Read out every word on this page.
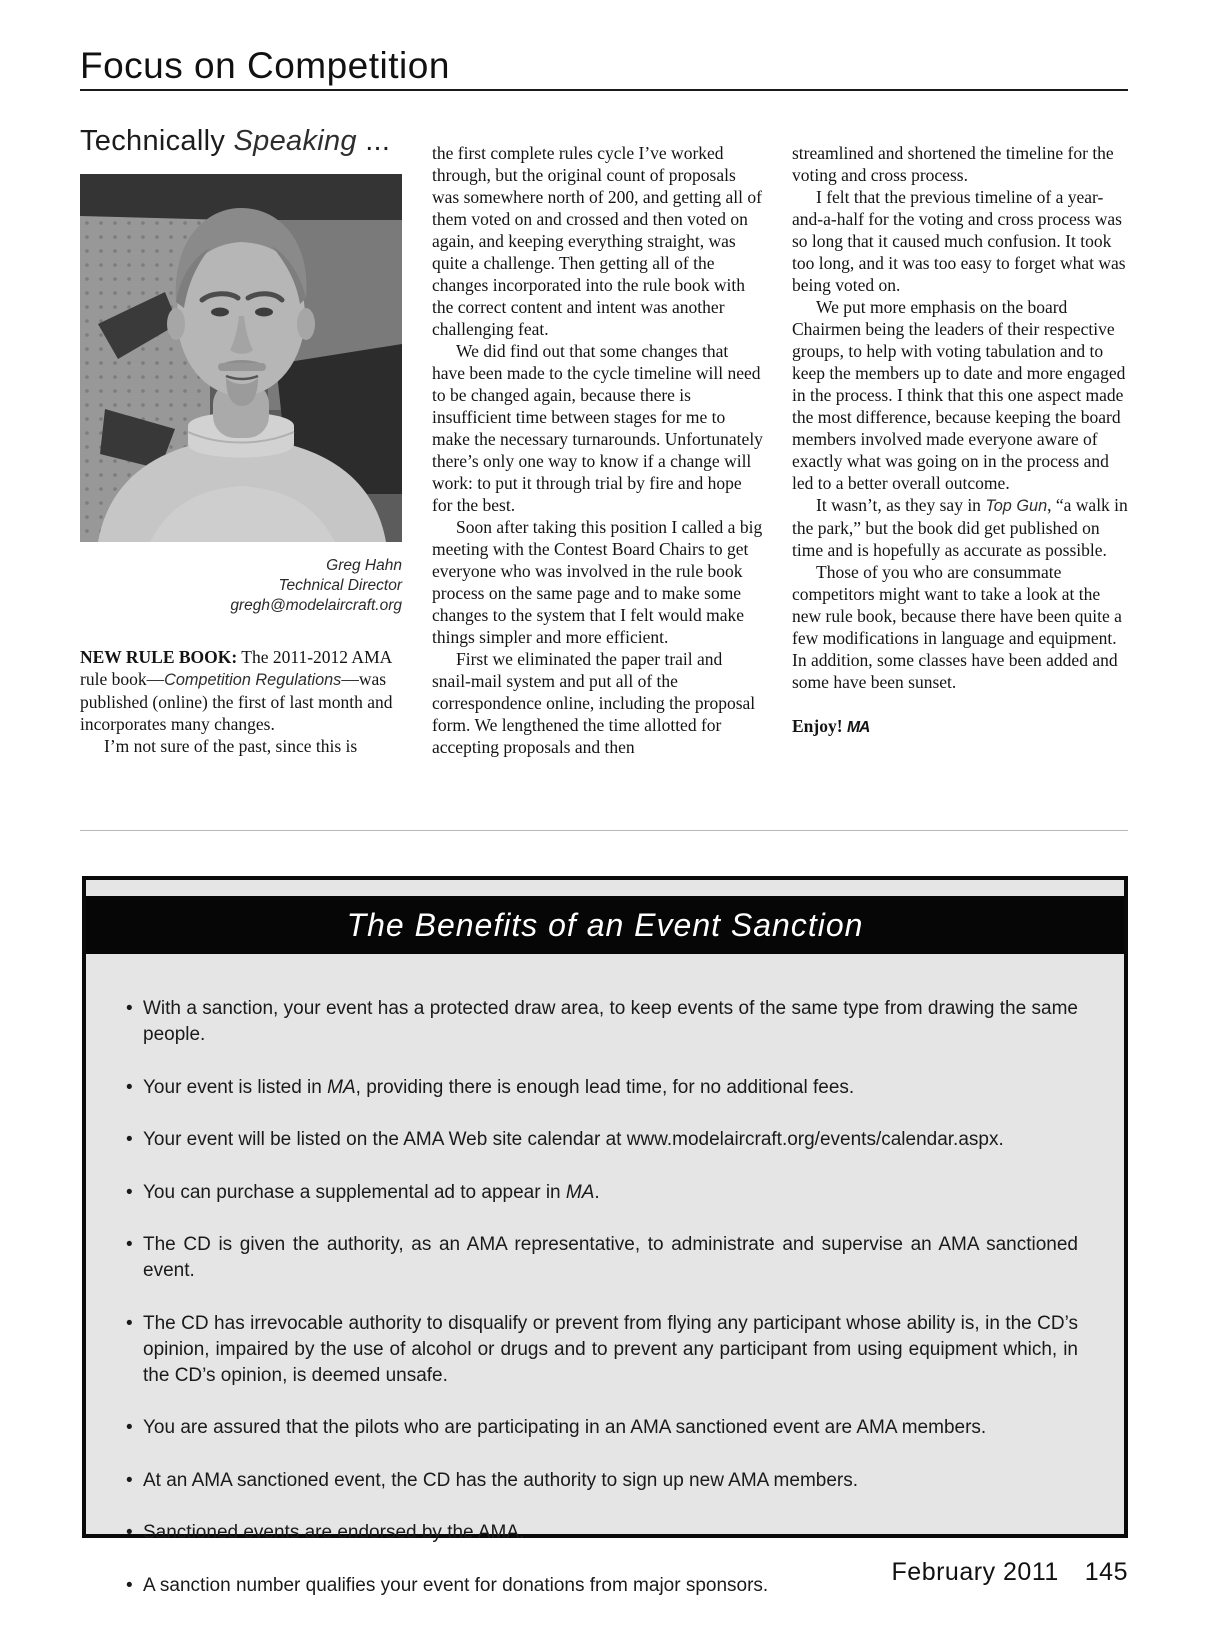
Focus on Competition
Technically Speaking ...
Greg Hahn
Technical Director
gregh@modelaircraft.org

NEW RULE BOOK: The 2011-2012 AMA rule book—Competition Regulations—was published (online) the first of last month and incorporates many changes.

I’m not sure of the past, since this is

the first complete rules cycle I’ve worked through, but the original count of proposals was somewhere north of 200, and getting all of them voted on and crossed and then voted on again, and keeping everything straight, was quite a challenge. Then getting all of the changes incorporated into the rule book with the correct content and intent was another challenging feat.

We did find out that some changes that have been made to the cycle timeline will need to be changed again, because there is insufficient time between stages for me to make the necessary turnarounds. Unfortunately there’s only one way to know if a change will work: to put it through trial by fire and hope for the best.

Soon after taking this position I called a big meeting with the Contest Board Chairs to get everyone who was involved in the rule book process on the same page and to make some changes to the system that I felt would make things simpler and more efficient.

First we eliminated the paper trail and snail-mail system and put all of the correspondence online, including the proposal form. We lengthened the time allotted for accepting proposals and then

streamlined and shortened the timeline for the voting and cross process.

I felt that the previous timeline of a year-and-a-half for the voting and cross process was so long that it caused much confusion. It took too long, and it was too easy to forget what was being voted on.

We put more emphasis on the board Chairmen being the leaders of their respective groups, to help with voting tabulation and to keep the members up to date and more engaged in the process. I think that this one aspect made the most difference, because keeping the board members involved made everyone aware of exactly what was going on in the process and led to a better overall outcome.

It wasn’t, as they say in Top Gun, “a walk in the park,” but the book did get published on time and is hopefully as accurate as possible.

Those of you who are consummate competitors might want to take a look at the new rule book, because there have been quite a few modifications in language and equipment. In addition, some classes have been added and some have been sunset.

Enjoy! MA

The Benefits of an Event Sanction
• With a sanction, your event has a protected draw area, to keep events of the same type from drawing the same people.
• Your event is listed in MA, providing there is enough lead time, for no additional fees.
• Your event will be listed on the AMA Web site calendar at www.modelaircraft.org/events/calendar.aspx.
• You can purchase a supplemental ad to appear in MA.
• The CD is given the authority, as an AMA representative, to administrate and supervise an AMA sanctioned event.
• The CD has irrevocable authority to disqualify or prevent from flying any participant whose ability is, in the CD’s opinion, impaired by the use of alcohol or drugs and to prevent any participant from using equipment which, in the CD’s opinion, is deemed unsafe.
• You are assured that the pilots who are participating in an AMA sanctioned event are AMA members.
• At an AMA sanctioned event, the CD has the authority to sign up new AMA members.
• Sanctioned events are endorsed by the AMA.
• A sanction number qualifies your event for donations from major sponsors.	February 2011 145
